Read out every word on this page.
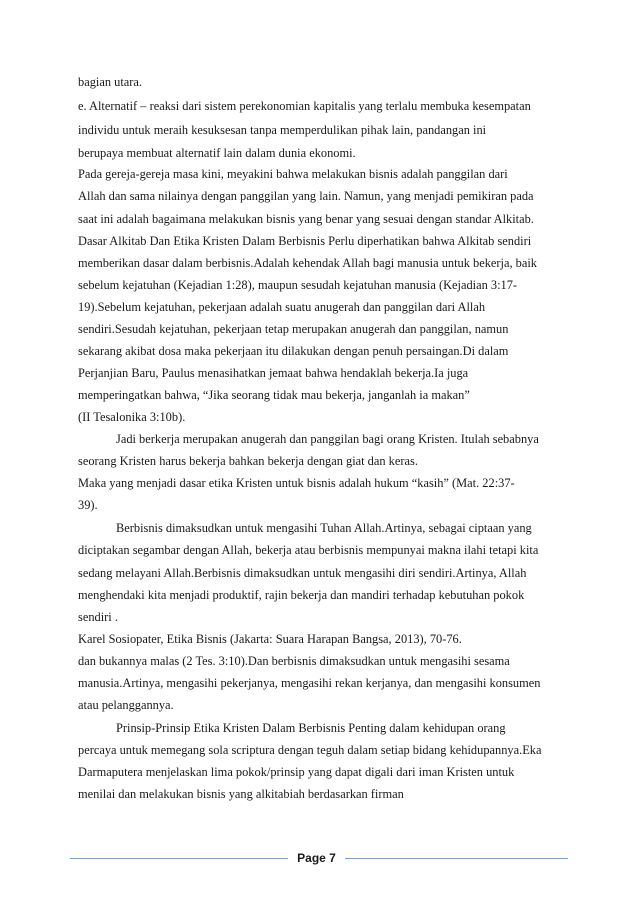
bagian utara.
e. Alternatif – reaksi dari sistem perekonomian kapitalis yang terlalu membuka kesempatan
individu untuk meraih kesuksesan tanpa memperdulikan pihak lain, pandangan ini
berupaya membuat alternatif lain dalam dunia ekonomi.
Pada gereja-gereja masa kini, meyakini bahwa melakukan bisnis adalah panggilan dari
Allah dan sama nilainya dengan panggilan yang lain. Namun, yang menjadi pemikiran pada
saat ini adalah bagaimana melakukan bisnis yang benar yang sesuai dengan standar Alkitab.
Dasar Alkitab Dan Etika Kristen Dalam Berbisnis Perlu diperhatikan bahwa Alkitab sendiri
memberikan dasar dalam berbisnis.Adalah kehendak Allah bagi manusia untuk bekerja, baik
sebelum kejatuhan (Kejadian 1:28), maupun sesudah kejatuhan manusia (Kejadian 3:17-
19).Sebelum kejatuhan, pekerjaan adalah suatu anugerah dan panggilan dari Allah
sendiri.Sesudah kejatuhan, pekerjaan tetap merupakan anugerah dan panggilan, namun
sekarang akibat dosa maka pekerjaan itu dilakukan dengan penuh persaingan.Di dalam
Perjanjian Baru, Paulus menasihatkan jemaat bahwa hendaklah bekerja.Ia juga
memperingatkan bahwa, “Jika seorang tidak mau bekerja, janganlah ia makan”
(II Tesalonika 3:10b).
Jadi berkerja merupakan anugerah dan panggilan bagi orang Kristen. Itulah sebabnya
seorang Kristen harus bekerja bahkan bekerja dengan giat dan keras.
Maka yang menjadi dasar etika Kristen untuk bisnis adalah hukum “kasih” (Mat. 22:37-
39).
Berbisnis dimaksudkan untuk mengasihi Tuhan Allah.Artinya, sebagai ciptaan yang
diciptakan segambar dengan Allah, bekerja atau berbisnis mempunyai makna ilahi tetapi kita
sedang melayani Allah.Berbisnis dimaksudkan untuk mengasihi diri sendiri.Artinya, Allah
menghendaki kita menjadi produktif, rajin bekerja dan mandiri terhadap kebutuhan pokok
sendiri .
Karel Sosiopater, Etika Bisnis (Jakarta: Suara Harapan Bangsa, 2013), 70-76.
dan bukannya malas (2 Tes. 3:10).Dan berbisnis dimaksudkan untuk mengasihi sesama
manusia.Artinya, mengasihi pekerjanya, mengasihi rekan kerjanya, dan mengasihi konsumen
atau pelanggannya.
Prinsip-Prinsip Etika Kristen Dalam Berbisnis Penting dalam kehidupan orang
percaya untuk memegang sola scriptura dengan teguh dalam setiap bidang kehidupannya.Eka
Darmaputera menjelaskan lima pokok/prinsip yang dapat digali dari iman Kristen untuk
menilai dan melakukan bisnis yang alkitabiah berdasarkan firman
Page 7
